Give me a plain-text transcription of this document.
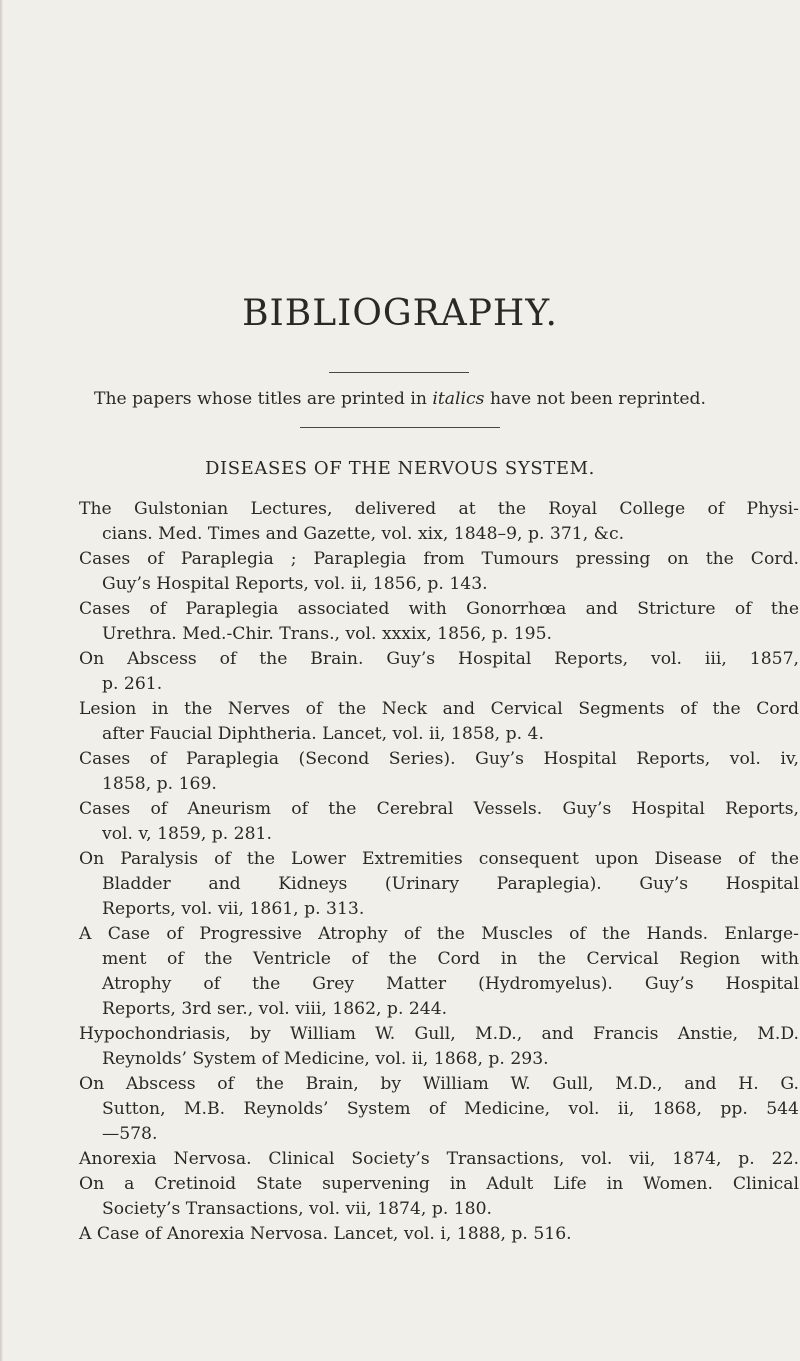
BIBLIOGRAPHY.
The papers whose titles are printed in italics have not been reprinted.
DISEASES OF THE NERVOUS SYSTEM.
The Gulstonian Lectures, delivered at the Royal College of Physi-
cians. Med. Times and Gazette, vol. xix, 1848–9, p. 371, &c.
Cases of Paraplegia ; Paraplegia from Tumours pressing on the Cord.
Guy’s Hospital Reports, vol. ii, 1856, p. 143.
Cases of Paraplegia associated with Gonorrhœa and Stricture of the
Urethra. Med.-Chir. Trans., vol. xxxix, 1856, p. 195.
On Abscess of the Brain. Guy’s Hospital Reports, vol. iii, 1857,
p. 261.
Lesion in the Nerves of the Neck and Cervical Segments of the Cord
after Faucial Diphtheria. Lancet, vol. ii, 1858, p. 4.
Cases of Paraplegia (Second Series). Guy’s Hospital Reports, vol. iv,
1858, p. 169.
Cases of Aneurism of the Cerebral Vessels. Guy’s Hospital Reports,
vol. v, 1859, p. 281.
On Paralysis of the Lower Extremities consequent upon Disease of the
Bladder and Kidneys (Urinary Paraplegia). Guy’s Hospital
Reports, vol. vii, 1861, p. 313.
A Case of Progressive Atrophy of the Muscles of the Hands. Enlarge-
ment of the Ventricle of the Cord in the Cervical Region with
Atrophy of the Grey Matter (Hydromyelus). Guy’s Hospital
Reports, 3rd ser., vol. viii, 1862, p. 244.
Hypochondriasis, by William W. Gull, M.D., and Francis Anstie, M.D.
Reynolds’ System of Medicine, vol. ii, 1868, p. 293.
On Abscess of the Brain, by William W. Gull, M.D., and H. G.
Sutton, M.B. Reynolds’ System of Medicine, vol. ii, 1868, pp. 544
—578.
Anorexia Nervosa. Clinical Society’s Transactions, vol. vii, 1874, p. 22.
On a Cretinoid State supervening in Adult Life in Women. Clinical
Society’s Transactions, vol. vii, 1874, p. 180.
A Case of Anorexia Nervosa. Lancet, vol. i, 1888, p. 516.
